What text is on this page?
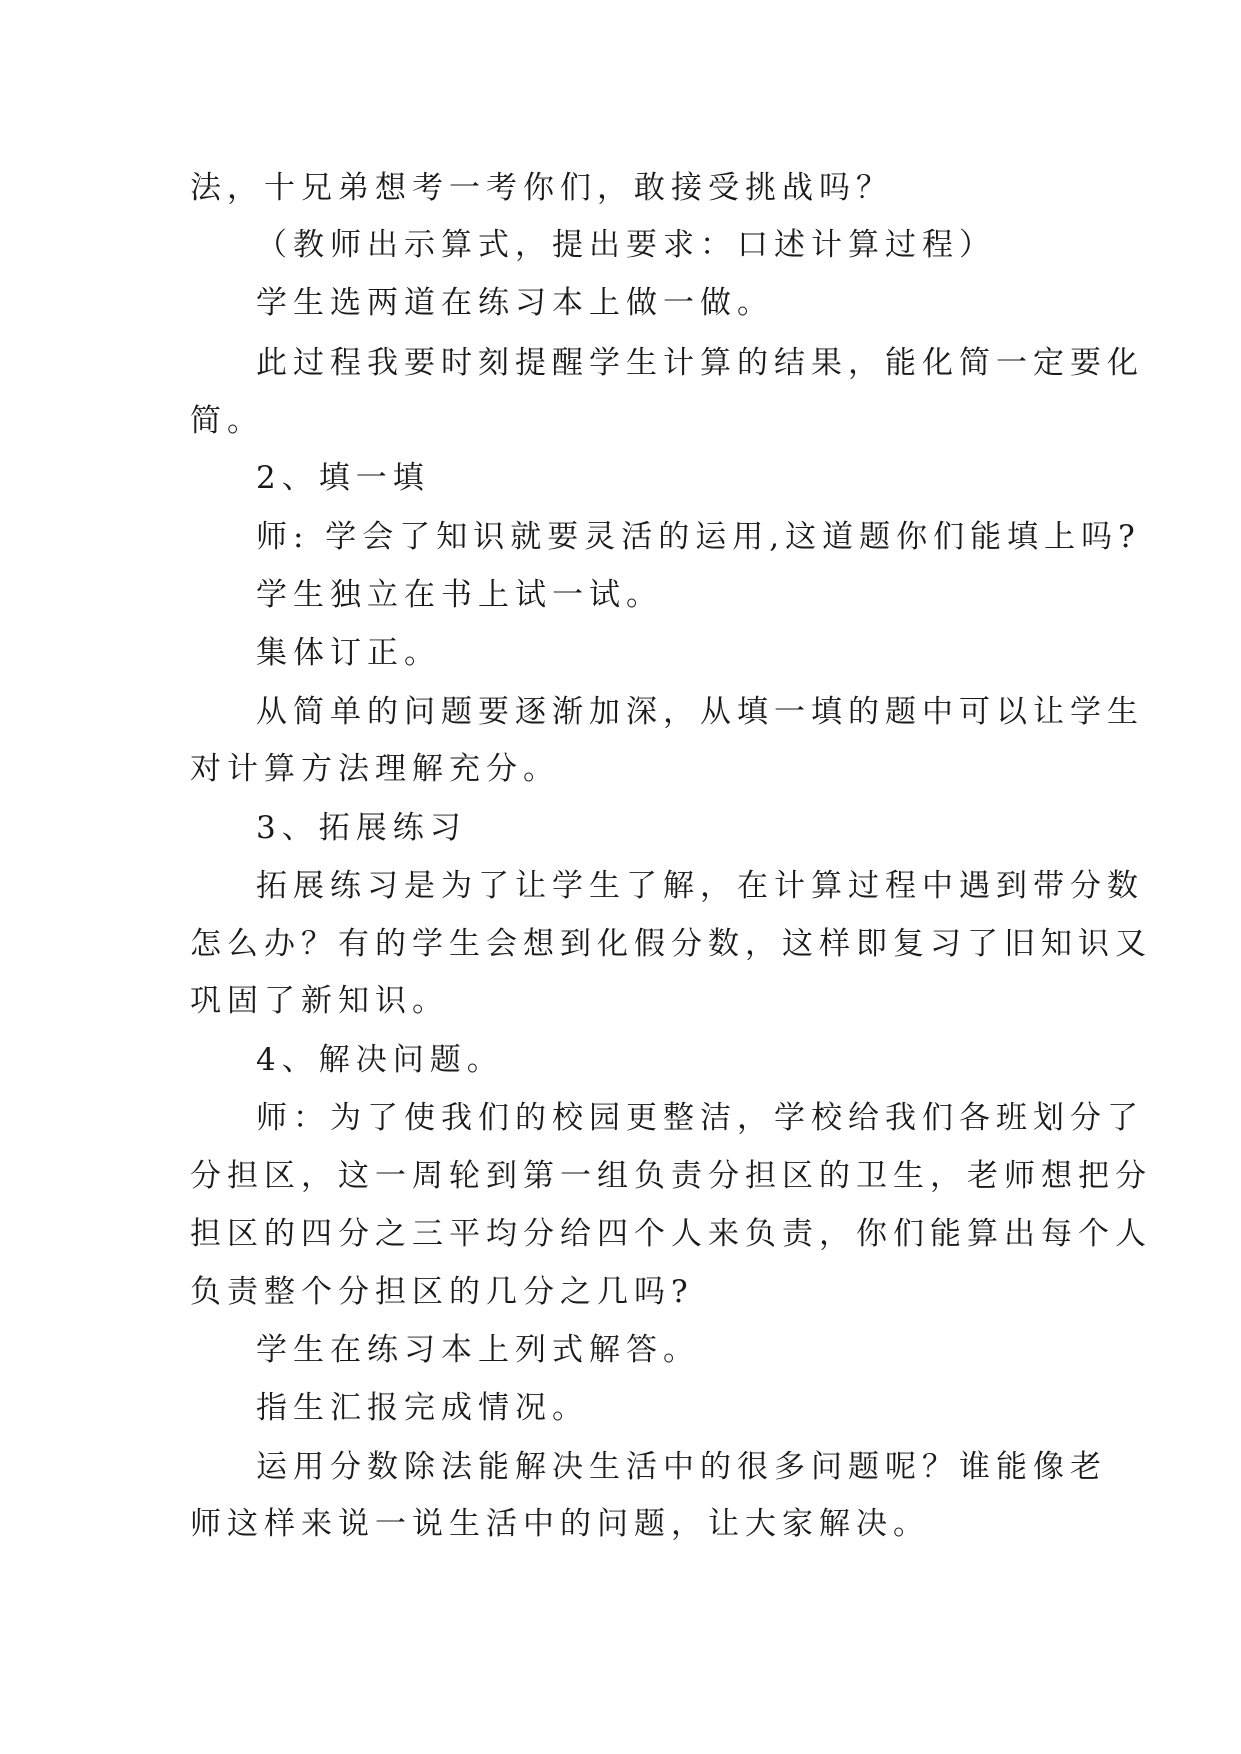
法，十兄弟想考一考你们，敢接受挑战吗？
（教师出示算式，提出要求：口述计算过程）
学生选两道在练习本上做一做。
此过程我要时刻提醒学生计算的结果，能化简一定要化
简。
2、填一填
师: 学会了知识就要灵活的运用,这道题你们能填上吗?
学生独立在书上试一试。
集体订正。
从简单的问题要逐渐加深，从填一填的题中可以让学生
对计算方法理解充分。
3、拓展练习
拓展练习是为了让学生了解，在计算过程中遇到带分数
怎么办？有的学生会想到化假分数，这样即复习了旧知识又
巩固了新知识。
4、解决问题。
师：为了使我们的校园更整洁，学校给我们各班划分了
分担区，这一周轮到第一组负责分担区的卫生，老师想把分
担区的四分之三平均分给四个人来负责，你们能算出每个人
负责整个分担区的几分之几吗?
学生在练习本上列式解答。
指生汇报完成情况。
运用分数除法能解决生活中的很多问题呢？谁能像老
师这样来说一说生活中的问题，让大家解决。
